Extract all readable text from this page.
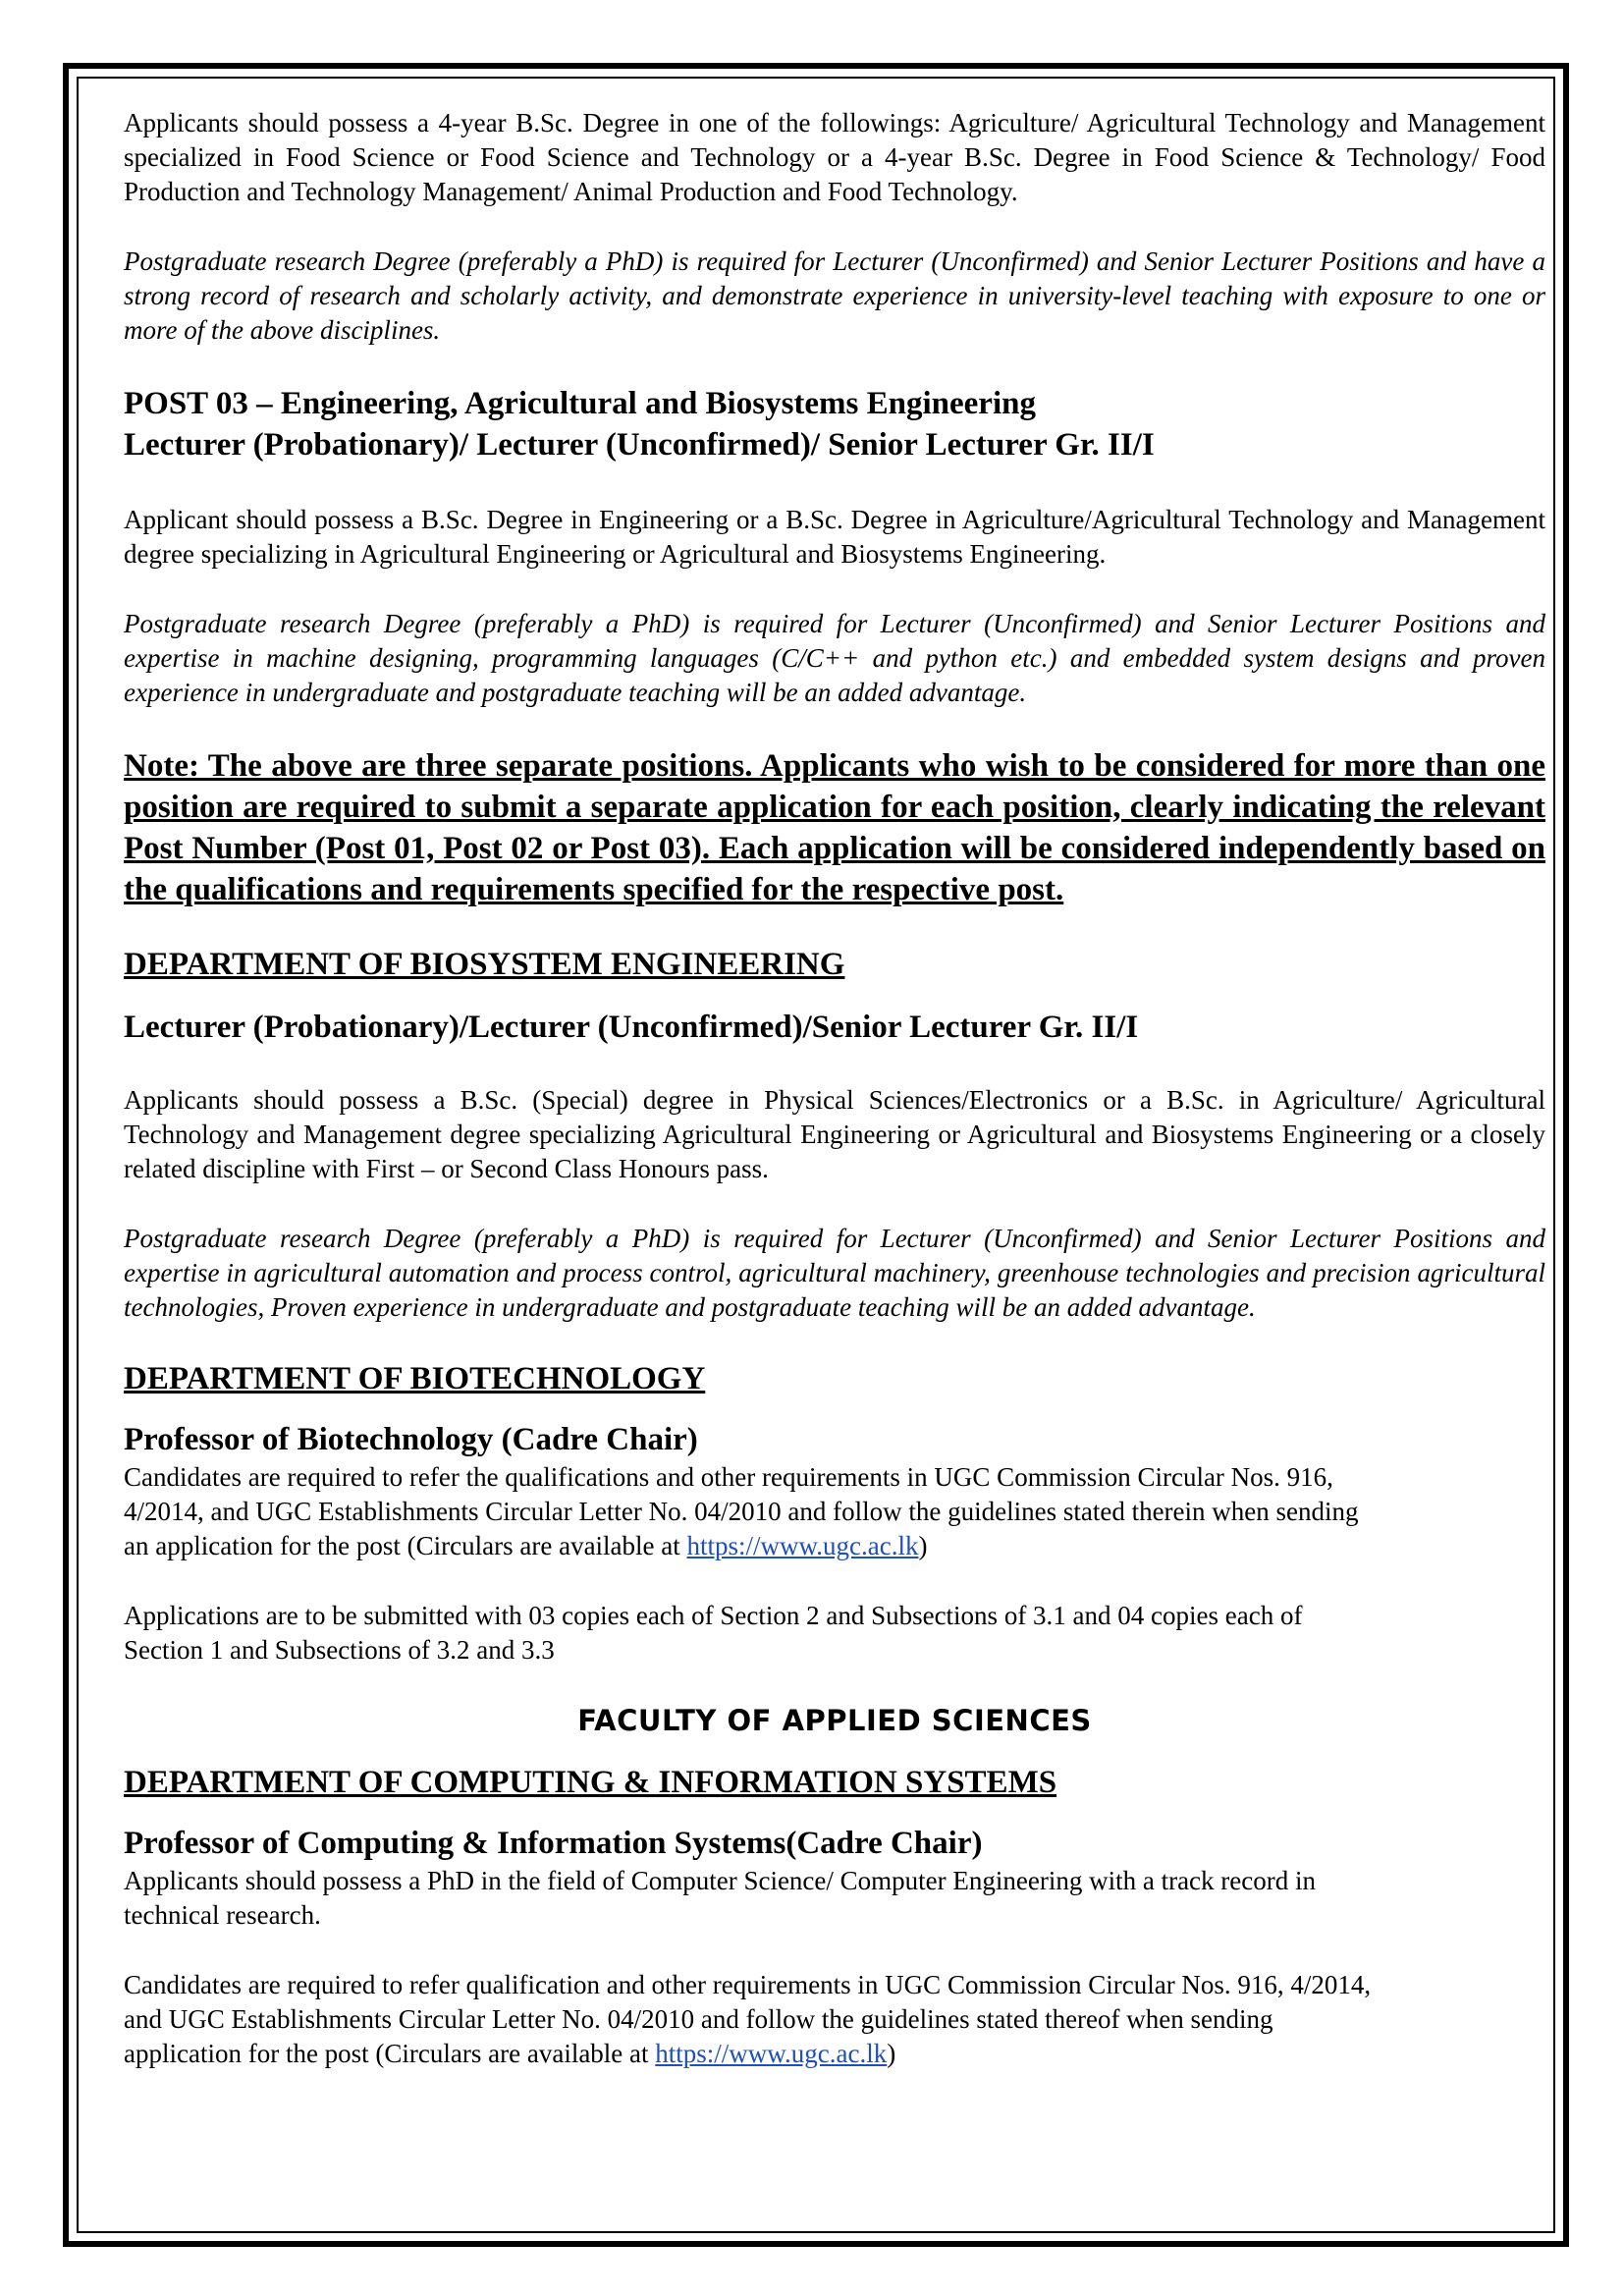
Applicants should possess a 4-year B.Sc. Degree in one of the followings: Agriculture/ Agricultural Technology and Management specialized in Food Science or Food Science and Technology or a 4-year B.Sc. Degree in Food Science & Technology/ Food Production and Technology Management/ Animal Production and Food Technology.

Postgraduate research Degree (preferably a PhD) is required for Lecturer (Unconfirmed) and Senior Lecturer Positions and have a strong record of research and scholarly activity, and demonstrate experience in university-level teaching with exposure to one or more of the above disciplines.

POST 03 – Engineering, Agricultural and Biosystems Engineering
Lecturer (Probationary)/ Lecturer (Unconfirmed)/ Senior Lecturer Gr. II/I

Applicant should possess a B.Sc. Degree in Engineering or a B.Sc. Degree in Agriculture/Agricultural Technology and Management degree specializing in Agricultural Engineering or Agricultural and Biosystems Engineering.

Postgraduate research Degree (preferably a PhD) is required for Lecturer (Unconfirmed) and Senior Lecturer Positions and expertise in machine designing, programming languages (C/C++ and python etc.) and embedded system designs and proven experience in undergraduate and postgraduate teaching will be an added advantage.

Note: The above are three separate positions. Applicants who wish to be considered for more than one position are required to submit a separate application for each position, clearly indicating the relevant Post Number (Post 01, Post 02 or Post 03). Each application will be considered independently based on the qualifications and requirements specified for the respective post.

DEPARTMENT OF BIOSYSTEM ENGINEERING
Lecturer (Probationary)/Lecturer (Unconfirmed)/Senior Lecturer Gr. II/I

Applicants should possess a B.Sc. (Special) degree in Physical Sciences/Electronics or a B.Sc. in Agriculture/ Agricultural Technology and Management degree specializing Agricultural Engineering or Agricultural and Biosystems Engineering or a closely related discipline with First – or Second Class Honours pass.

Postgraduate research Degree (preferably a PhD) is required for Lecturer (Unconfirmed) and Senior Lecturer Positions and expertise in agricultural automation and process control, agricultural machinery, greenhouse technologies and precision agricultural technologies, Proven experience in undergraduate and postgraduate teaching will be an added advantage.

DEPARTMENT OF BIOTECHNOLOGY
Professor of Biotechnology (Cadre Chair)

Candidates are required to refer the qualifications and other requirements in UGC Commission Circular Nos. 916,

4/2014, and UGC Establishments Circular Letter No. 04/2010 and follow the guidelines stated therein when sending

an application for the post (Circulars are available at https://www.ugc.ac.lk)

Applications are to be submitted with 03 copies each of Section 2 and Subsections of 3.1 and 04 copies each of

Section 1 and Subsections of 3.2 and 3.3

FACULTY OF APPLIED SCIENCES

DEPARTMENT OF COMPUTING & INFORMATION SYSTEMS
Professor of Computing & Information Systems(Cadre Chair)

Applicants should possess a PhD in the field of Computer Science/ Computer Engineering with a track record in

technical research.

Candidates are required to refer qualification and other requirements in UGC Commission Circular Nos. 916, 4/2014,

and UGC Establishments Circular Letter No. 04/2010 and follow the guidelines stated thereof when sending

application for the post (Circulars are available at https://www.ugc.ac.lk)
